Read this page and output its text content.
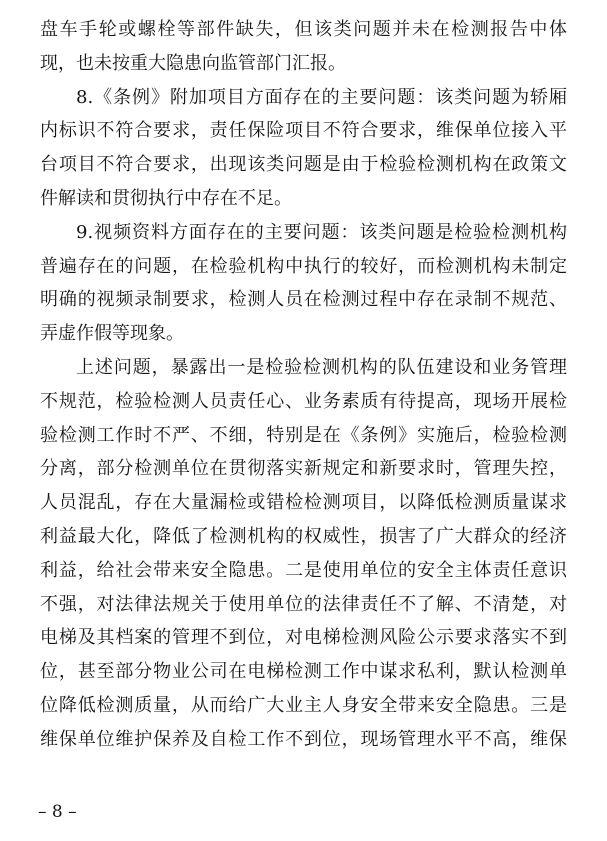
盘车手轮或螺栓等部件缺失，但该类问题并未在检测报告中体
现，也未按重大隐患向监管部门汇报。
8.《条例》附加项目方面存在的主要问题：该类问题为轿厢
内标识不符合要求，责任保险项目不符合要求，维保单位接入平
台项目不符合要求，出现该类问题是由于检验检测机构在政策文
件解读和贯彻执行中存在不足。
9.视频资料方面存在的主要问题：该类问题是检验检测机构
普遍存在的问题，在检验机构中执行的较好，而检测机构未制定
明确的视频录制要求，检测人员在检测过程中存在录制不规范、
弄虚作假等现象。
上述问题，暴露出一是检验检测机构的队伍建设和业务管理
不规范，检验检测人员责任心、业务素质有待提高，现场开展检
验检测工作时不严、不细，特别是在《条例》实施后，检验检测
分离，部分检测单位在贯彻落实新规定和新要求时，管理失控，
人员混乱，存在大量漏检或错检检测项目，以降低检测质量谋求
利益最大化，降低了检测机构的权威性，损害了广大群众的经济
利益，给社会带来安全隐患。二是使用单位的安全主体责任意识
不强，对法律法规关于使用单位的法律责任不了解、不清楚，对
电梯及其档案的管理不到位，对电梯检测风险公示要求落实不到
位，甚至部分物业公司在电梯检测工作中谋求私利，默认检测单
位降低检测质量，从而给广大业主人身安全带来安全隐患。三是
维保单位维护保养及自检工作不到位，现场管理水平不高，维保
– 8 –
